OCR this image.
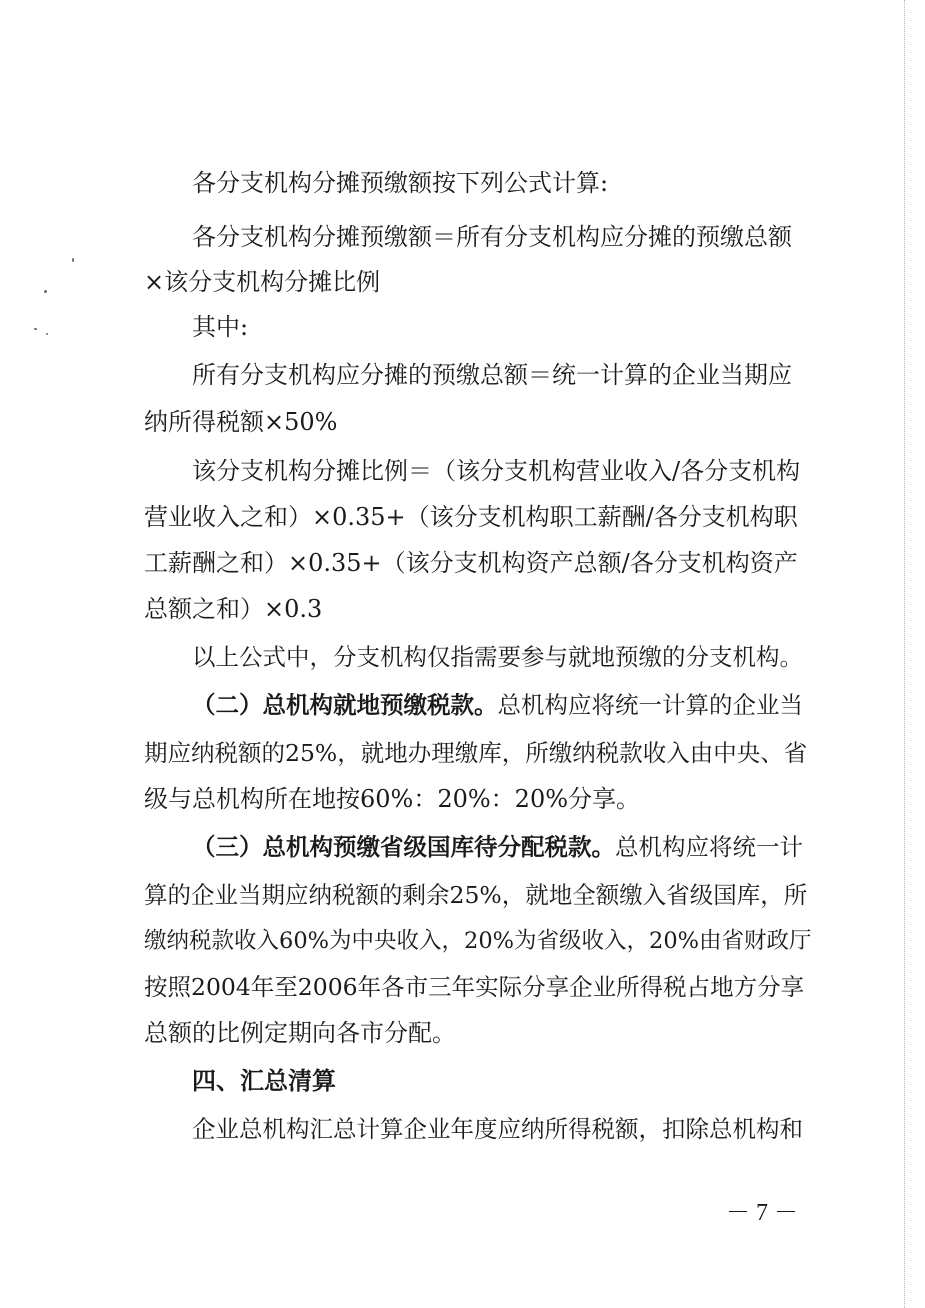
各分支机构分摊预缴额按下列公式计算:

各分支机构分摊预缴额＝所有分支机构应分摊的预缴总额

×该分支机构分摊比例

其中:

所有分支机构应分摊的预缴总额＝统一计算的企业当期应

纳所得税额×50%

该分支机构分摊比例＝（该分支机构营业收入/各分支机构

营业收入之和）×0.35+（该分支机构职工薪酬/各分支机构职

工薪酬之和）×0.35+（该分支机构资产总额/各分支机构资产

总额之和）×0.3

以上公式中，分支机构仅指需要参与就地预缴的分支机构。

（二）总机构就地预缴税款。总机构应将统一计算的企业当

期应纳税额的25%，就地办理缴库，所缴纳税款收入由中央、省

级与总机构所在地按60%：20%：20%分享。

（三）总机构预缴省级国库待分配税款。总机构应将统一计

算的企业当期应纳税额的剩余25%，就地全额缴入省级国库，所

缴纳税款收入60%为中央收入，20%为省级收入，20%由省财政厅

按照2004年至2006年各市三年实际分享企业所得税占地方分享

总额的比例定期向各市分配。

四、汇总清算

企业总机构汇总计算企业年度应纳所得税额，扣除总机构和

－7－
